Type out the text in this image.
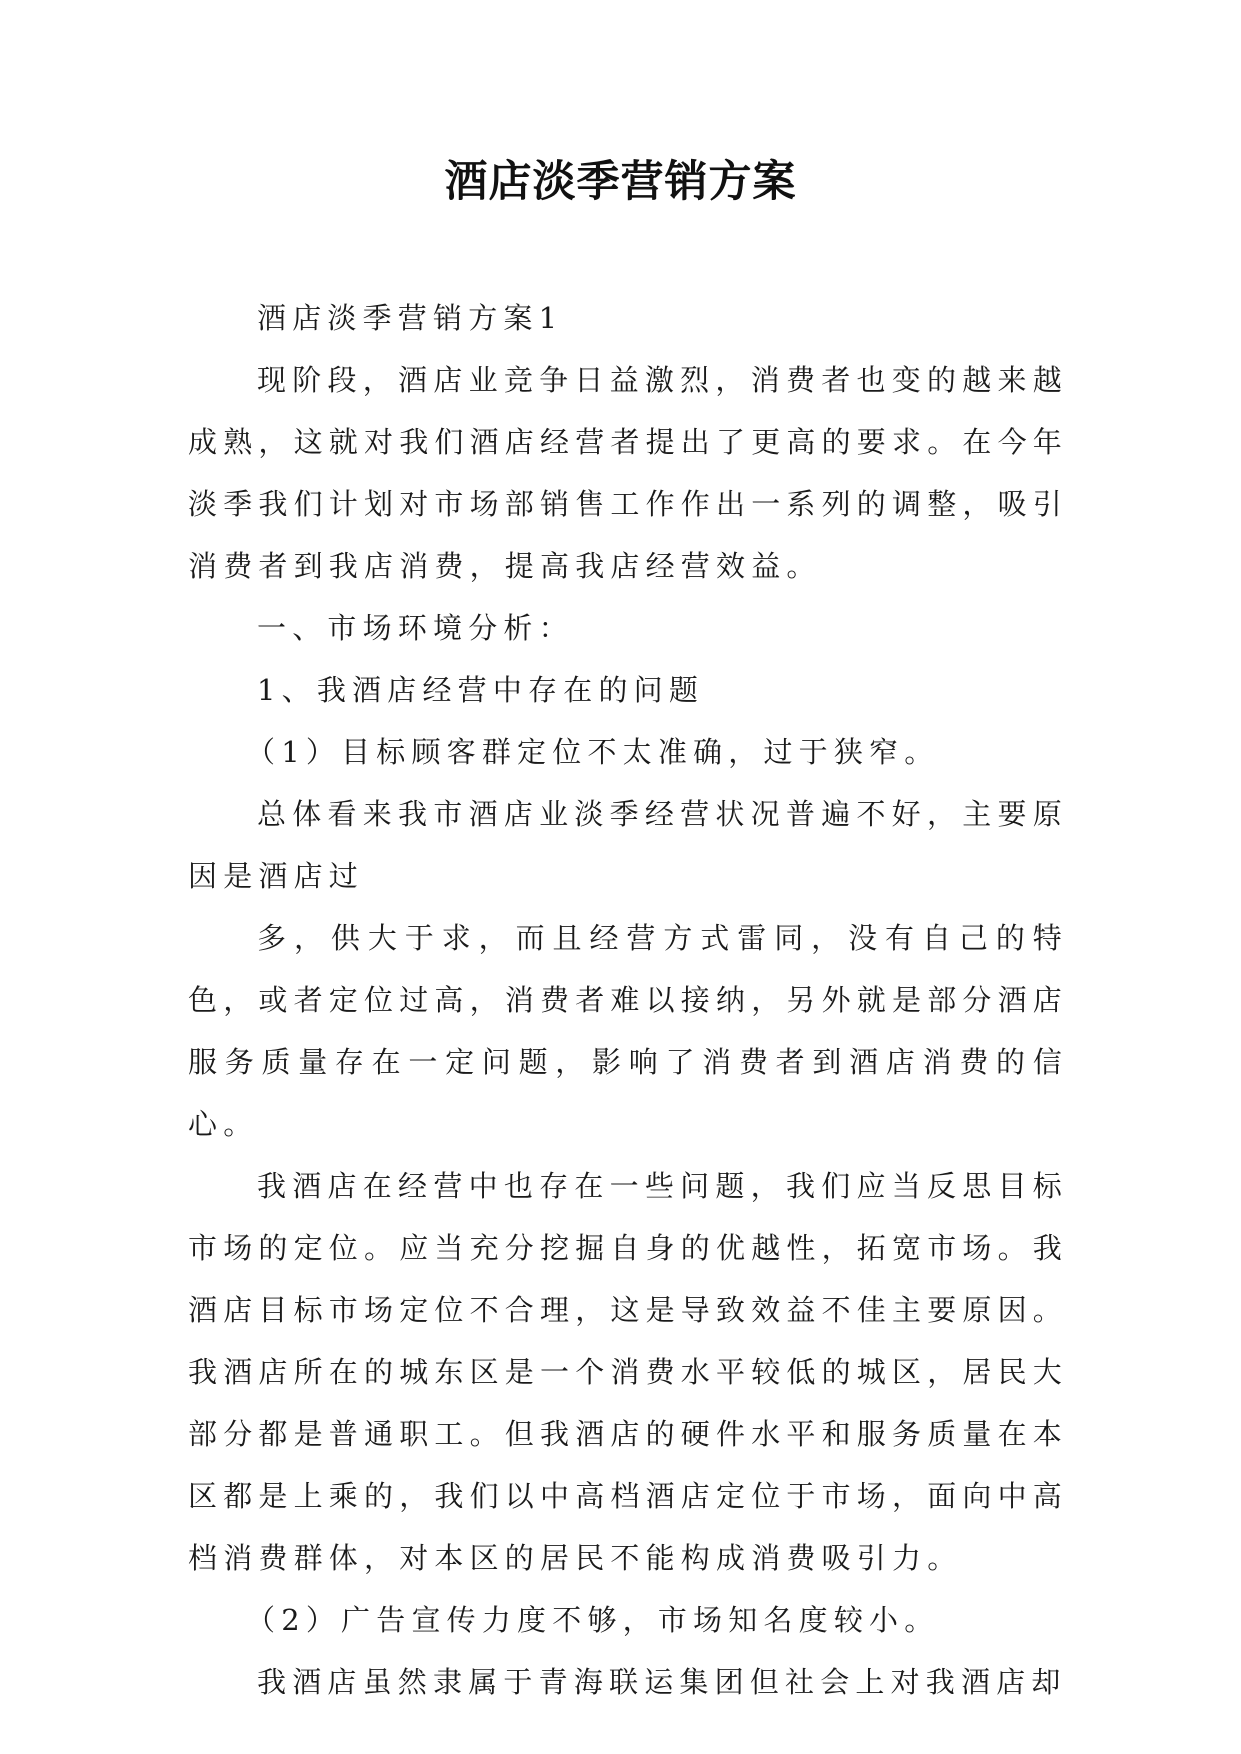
酒店淡季营销方案

酒店淡季营销方案1

现阶段，酒店业竞争日益激烈，消费者也变的越来越成熟，这就对我们酒店经营者提出了更高的要求。在今年淡季我们计划对市场部销售工作作出一系列的调整，吸引消费者到我店消费，提高我店经营效益。

一、市场环境分析：

1、我酒店经营中存在的问题

（1）目标顾客群定位不太准确，过于狭窄。

总体看来我市酒店业淡季经营状况普遍不好，主要原因是酒店过

多，供大于求，而且经营方式雷同，没有自己的特色，或者定位过高，消费者难以接纳，另外就是部分酒店服务质量存在一定问题，影响了消费者到酒店消费的信心。

我酒店在经营中也存在一些问题，我们应当反思目标市场的定位。应当充分挖掘自身的优越性，拓宽市场。我酒店目标市场定位不合理，这是导致效益不佳主要原因。我酒店所在的城东区是一个消费水平较低的城区，居民大部分都是普通职工。但我酒店的硬件水平和服务质量在本区都是上乘的，我们以中高档酒店定位于市场，面向中高档消费群体，对本区的居民不能构成消费吸引力。

（2）广告宣传力度不够，市场知名度较小。

我酒店虽然隶属于青海联运集团但社会上对我酒店却
